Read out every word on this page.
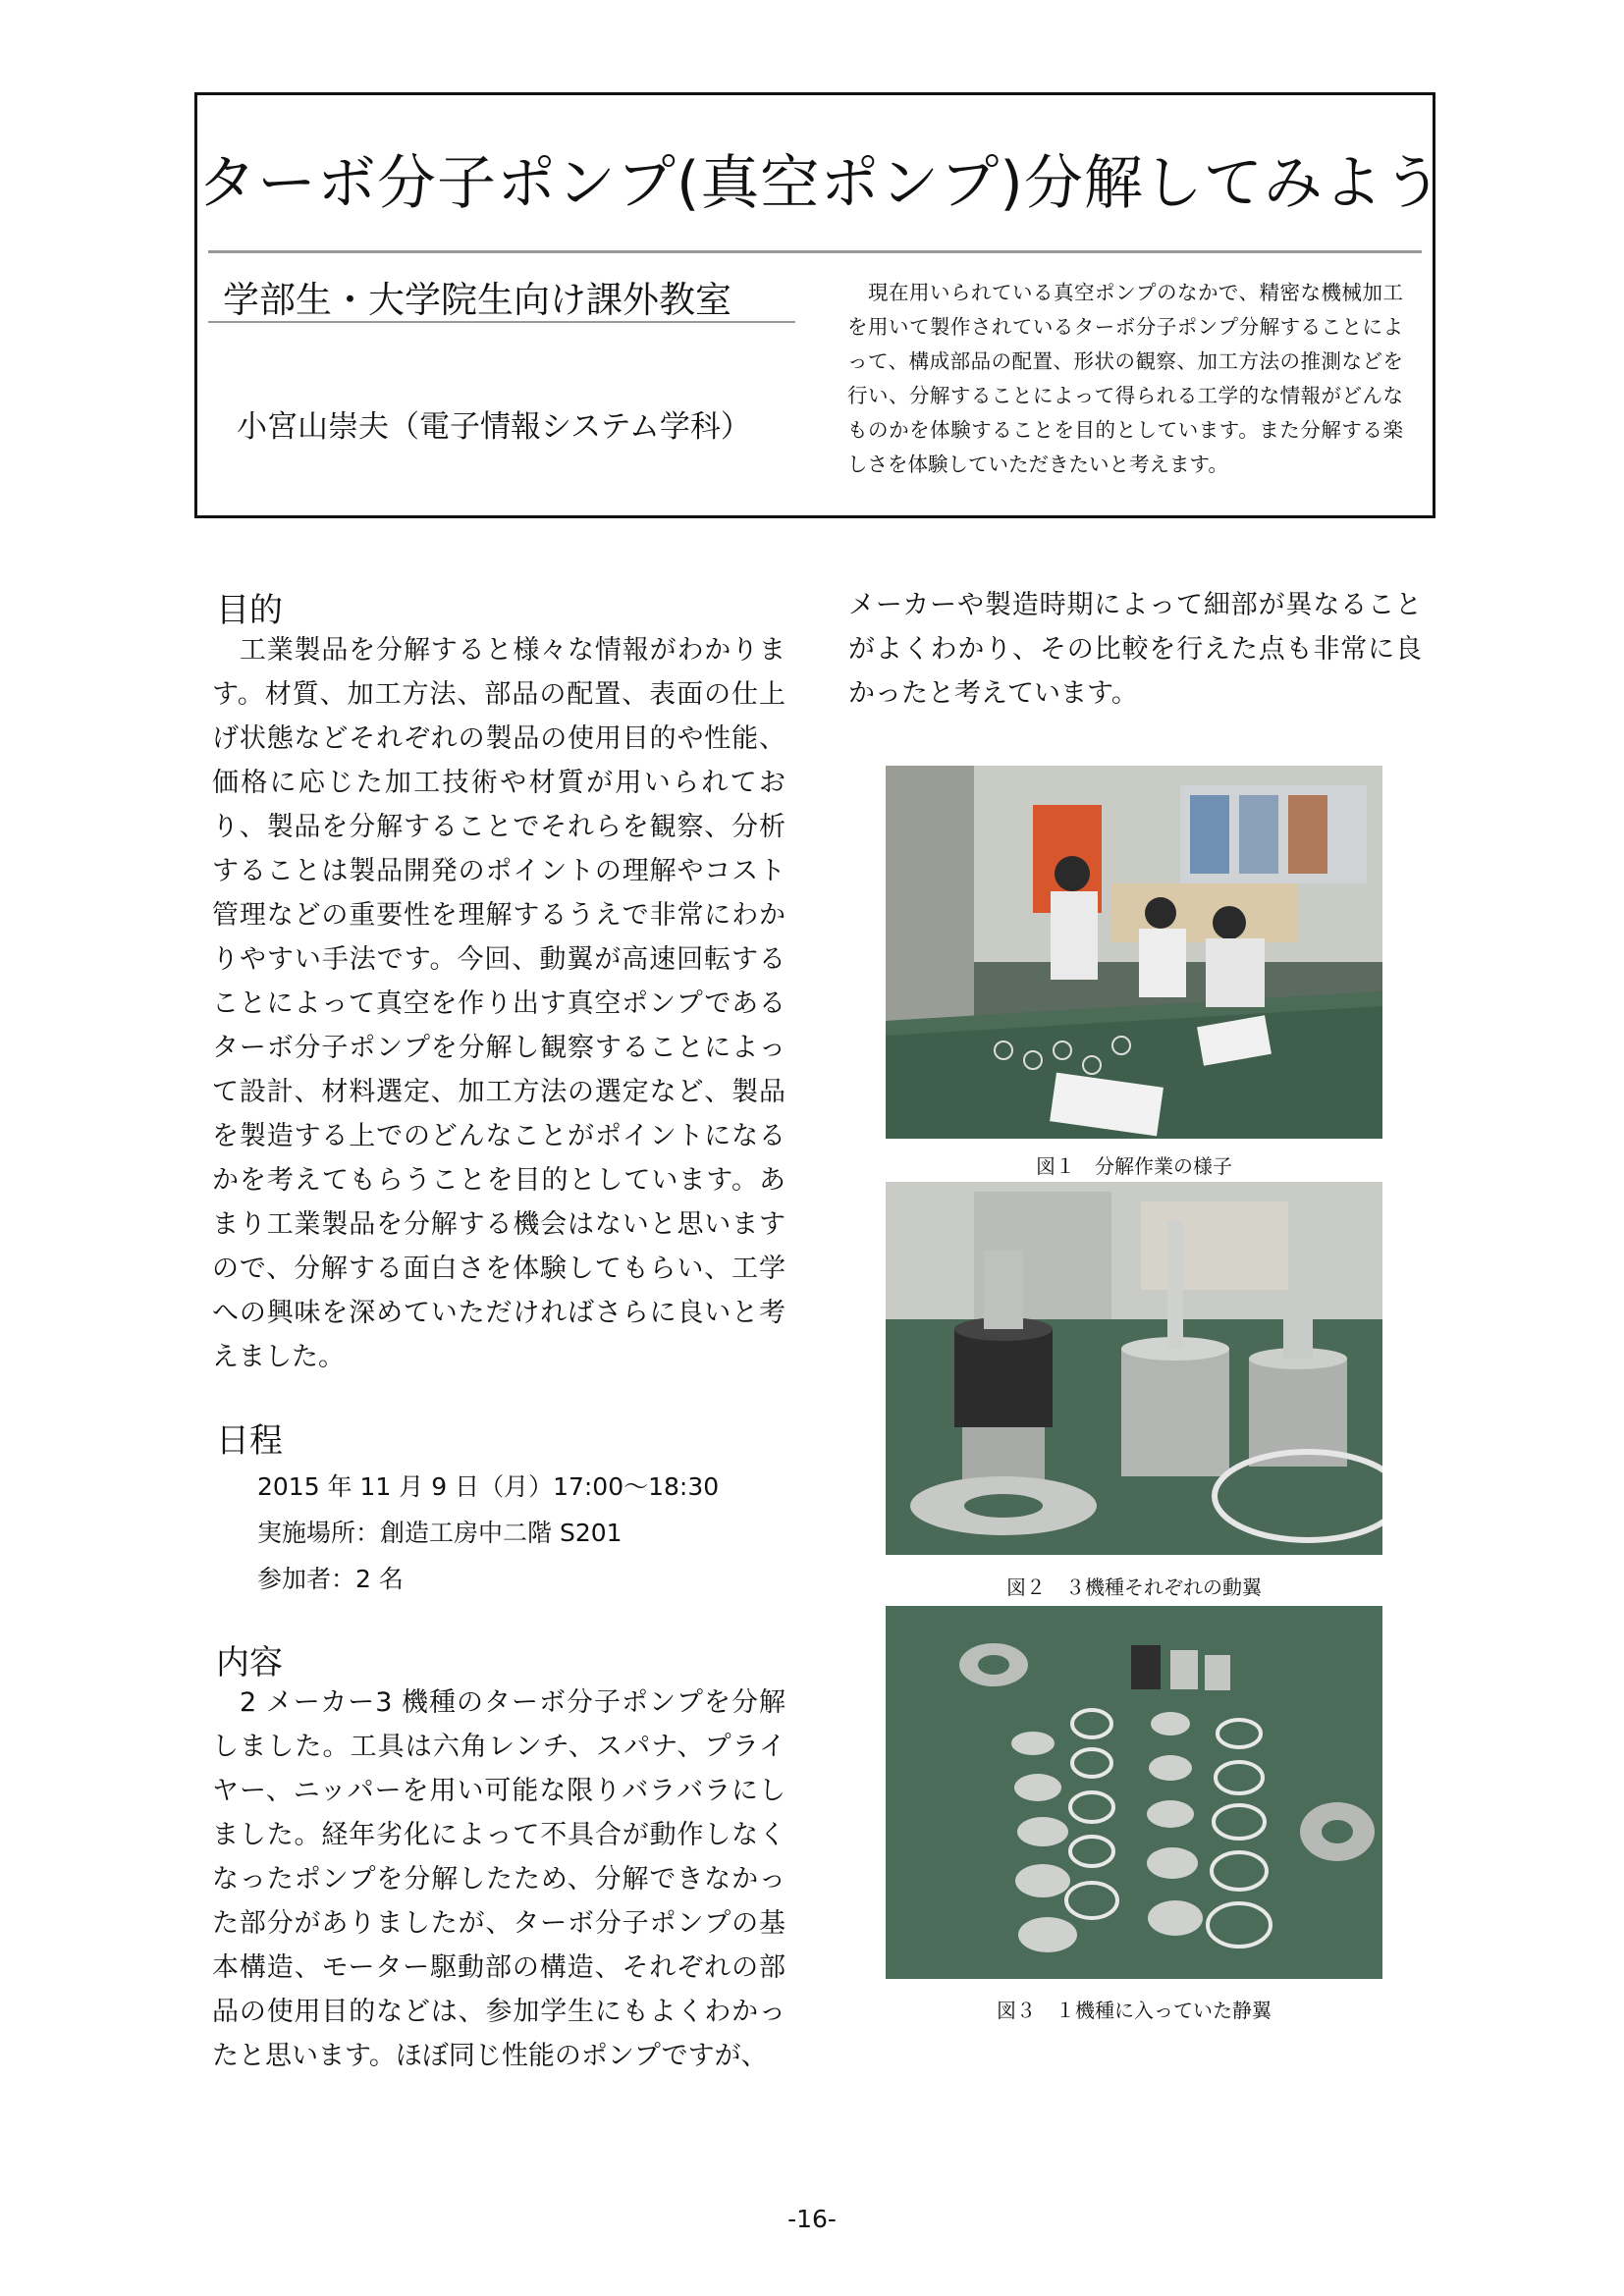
ターボ分子ポンプ(真空ポンプ)分解してみよう
学部生・大学院生向け課外教室
小宮山崇夫（電子情報システム学科）
　現在用いられている真空ポンプのなかで、精密な機械加工を用いて製作されているターボ分子ポンプ分解することによって、構成部品の配置、形状の観察、加工方法の推測などを行い、分解することによって得られる工学的な情報がどんなものかを体験することを目的としています。また分解する楽しさを体験していただきたいと考えます。
目的
　工業製品を分解すると様々な情報がわかります。材質、加工方法、部品の配置、表面の仕上げ状態などそれぞれの製品の使用目的や性能、価格に応じた加工技術や材質が用いられており、製品を分解することでそれらを観察、分析することは製品開発のポイントの理解やコスト管理などの重要性を理解するうえで非常にわかりやすい手法です。今回、動翼が高速回転することによって真空を作り出す真空ポンプであるターボ分子ポンプを分解し観察することによって設計、材料選定、加工方法の選定など、製品を製造する上でのどんなことがポイントになるかを考えてもらうことを目的としています。あまり工業製品を分解する機会はないと思いますので、分解する面白さを体験してもらい、工学への興味を深めていただければさらに良いと考えました。
日程
2015 年 11 月 9 日（月）17:00～18:30
実施場所：創造工房中二階 S201
参加者：2 名
内容
　2 メーカー3 機種のターボ分子ポンプを分解しました。工具は六角レンチ、スパナ、プライヤー、ニッパーを用い可能な限りバラバラにしました。経年劣化によって不具合が動作しなくなったポンプを分解したため、分解できなかった部分がありましたが、ターボ分子ポンプの基本構造、モーター駆動部の構造、それぞれの部品の使用目的などは、参加学生にもよくわかったと思います。ほぼ同じ性能のポンプですが、
メーカーや製造時期によって細部が異なることがよくわかり、その比較を行えた点も非常に良かったと考えています。
図１　分解作業の様子
図２　３機種それぞれの動翼
図３　１機種に入っていた静翼
-16-
